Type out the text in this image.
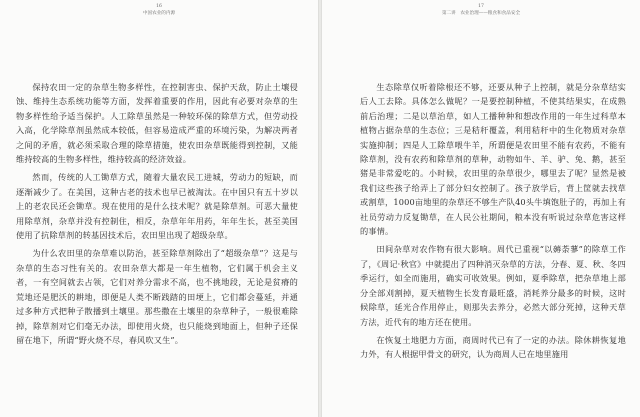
16
中国农业的内源

保持农田一定的杂草生物多样性，在控制害虫、保护天敌，防止土壤侵蚀、维持生态系统功能等方面，发挥着重要的作用，因此有必要对杂草的生物多样性给予适当保护。人工除草虽然是一种较环保的除草方式，但劳动投入高，化学除草剂虽然成本较低，但容易造成严重的环境污染，为解决两者之间的矛盾，就必须采取合理的除草措施，使农田杂草既能得到控制，又能维持较高的生物多样性，维持较高的经济效益。

然而，传统的人工锄草方式，随着大量农民工进城，劳动力的短缺，而逐渐减少了。在美国，这种古老的技术也早已被淘汰。在中国只有五十岁以上的老农民还会锄草。现在使用的是什么技术呢？就是除草剂。可恶大量使用除草剂，杂草并没有控制住，相反，杂草年年用药，年年生长，甚至美国使用了抗除草剂的转基因技术后，农田里出现了超级杂草。

为什么农田里的杂草难以防治，甚至除草剂除出了“超级杂草”？这是与杂草的生态习性有关的。农田杂草大都是一年生植物，它们属于机会主义者，一有空间就去占领，它们对养分需求不高，也不挑地段，无论是贫瘠的荒地还是肥沃的耕地，即便是人类不断践踏的田埂上，它们都会蔓延，并通过多种方式把种子散播到土壤里。那些撒在土壤里的杂草种子，一般很难除掉，除草剂对它们毫无办法，即使用火烧，也只能烧到地面上，但种子还保留在地下，所谓“野火烧不尽，春风吹又生”。

17
第二讲　农业治理——粮食和食品安全

生态除草仅听着除根还不够，还要从种子上控制，就是分杂草结实后人工去除。具体怎么做呢？一是要控制种植，不使其结果实，在成熟前后治理；二是以草治草，如人工播种种和想改作用的一年生过科草本植物占据杂草的生态位；三是秸秆覆盖，利用秸秆中的生化物质对杂草实施抑制；四是人工除草喂牛羊，所谓便是农田里不能有农药，不能有除草剂，没有农药和除草剂的草种，动物如牛、羊、驴、兔、鹅，甚至猪是非常爱吃的。小时候，农田里的杂草很少，哪里去了呢？显然是被我们这些孩子给弄上了部分妇女控制了。孩子放学后，背上筐就去找草或割草，1000亩地里的杂草还不够生产队40头牛填饱肚子的，再加上有社员劳动力反复锄草，在人民公社期间，粮本没有听说过杂草危害这样的事情。

田间杂草对农作物有很大影响。周代已重视“以薅荼蓼”的除草工作了，《周记·秋官》中就提出了四种消灭杂草的方法，分春、夏、秋、冬四季运行，如全而施用，确实可收效果。例如，夏季除草，把杂草地上部分全部刈割掉，夏天植物生长发育最旺盛，消耗养分最多的时候，这时候除草，延光合作用停止，则那失去养分，必然大部分死掉，这种天草方法，近代有的地方还在使用。

在恢复土地肥力方面，商周时代已有了一定的办法。除休耕恢复地力外，有人根据甲骨文的研究，认为商周人已在地里施用
